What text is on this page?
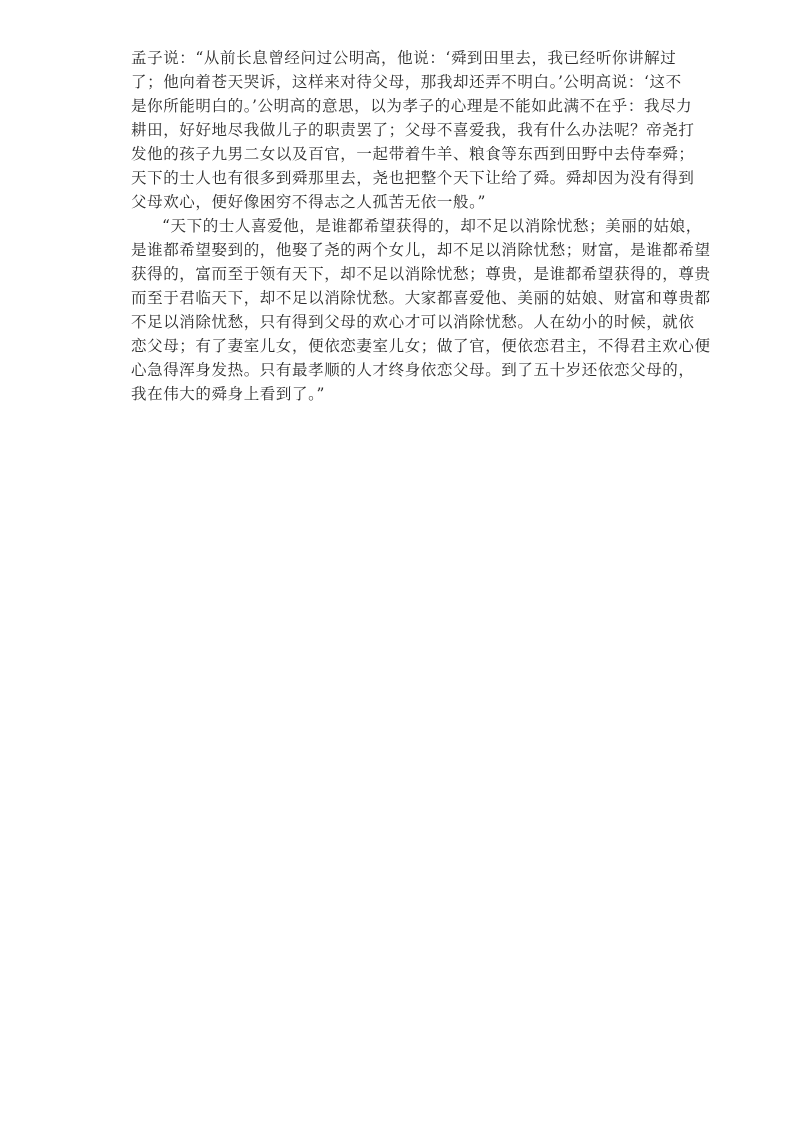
孟子说：“从前长息曾经问过公明高，他说：‘舜到田里去，我已经听你讲解过
了；他向着苍天哭诉，这样来对待父母，那我却还弄不明白。’公明高说：‘这不
是你所能明白的。’公明高的意思，以为孝子的心理是不能如此满不在乎：我尽力
耕田，好好地尽我做儿子的职责罢了；父母不喜爱我，我有什么办法呢？帝尧打
发他的孩子九男二女以及百官，一起带着牛羊、粮食等东西到田野中去侍奉舜；
天下的士人也有很多到舜那里去，尧也把整个天下让给了舜。舜却因为没有得到
父母欢心，便好像困穷不得志之人孤苦无依一般。”
“天下的士人喜爱他，是谁都希望获得的，却不足以消除忧愁；美丽的姑娘，
是谁都希望娶到的，他娶了尧的两个女儿，却不足以消除忧愁；财富，是谁都希望
获得的，富而至于领有天下，却不足以消除忧愁；尊贵，是谁都希望获得的，尊贵
而至于君临天下，却不足以消除忧愁。大家都喜爱他、美丽的姑娘、财富和尊贵都
不足以消除忧愁，只有得到父母的欢心才可以消除忧愁。人在幼小的时候，就依
恋父母；有了妻室儿女，便依恋妻室儿女；做了官，便依恋君主，不得君主欢心便
心急得浑身发热。只有最孝顺的人才终身依恋父母。到了五十岁还依恋父母的，
我在伟大的舜身上看到了。”
